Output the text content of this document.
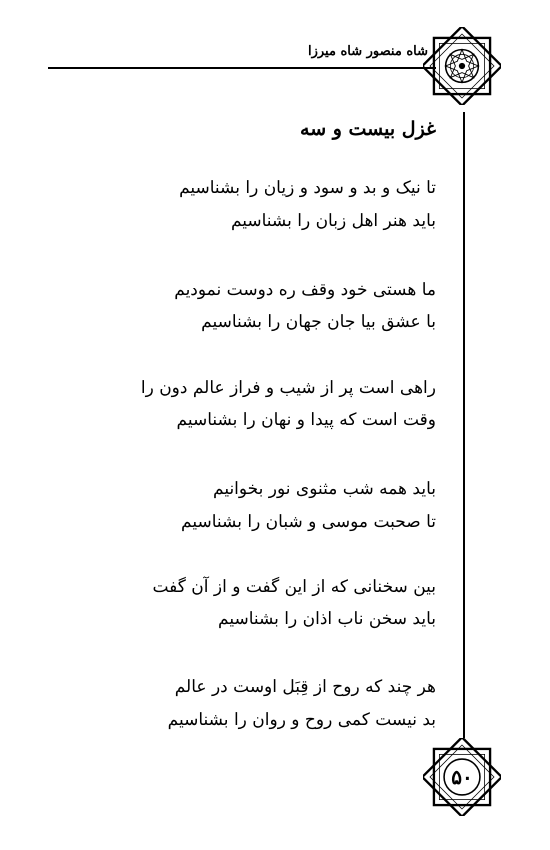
شاه منصور شاه میرزا
۵۰
غزل بیست و سه
تا نیک و بد و سود و زیان را بشناسیم
باید هنر اهل زبان را بشناسیم
ما هستی خود وقف ره دوست نمودیم
با عشق بیا جان جهان را بشناسیم
راهی است پر از شیب و فراز عالم دون را
وقت است که پیدا و نهان را بشناسیم
باید همه شب مثنوی نور بخوانیم
تا صحبت موسی و شبان را بشناسیم
بین سخنانی که از این گفت و از آن گفت
باید سخن ناب اذان را بشناسیم
هر چند که روح از قِبَل اوست در عالم
بد نیست کمی روح و روان را بشناسیم
